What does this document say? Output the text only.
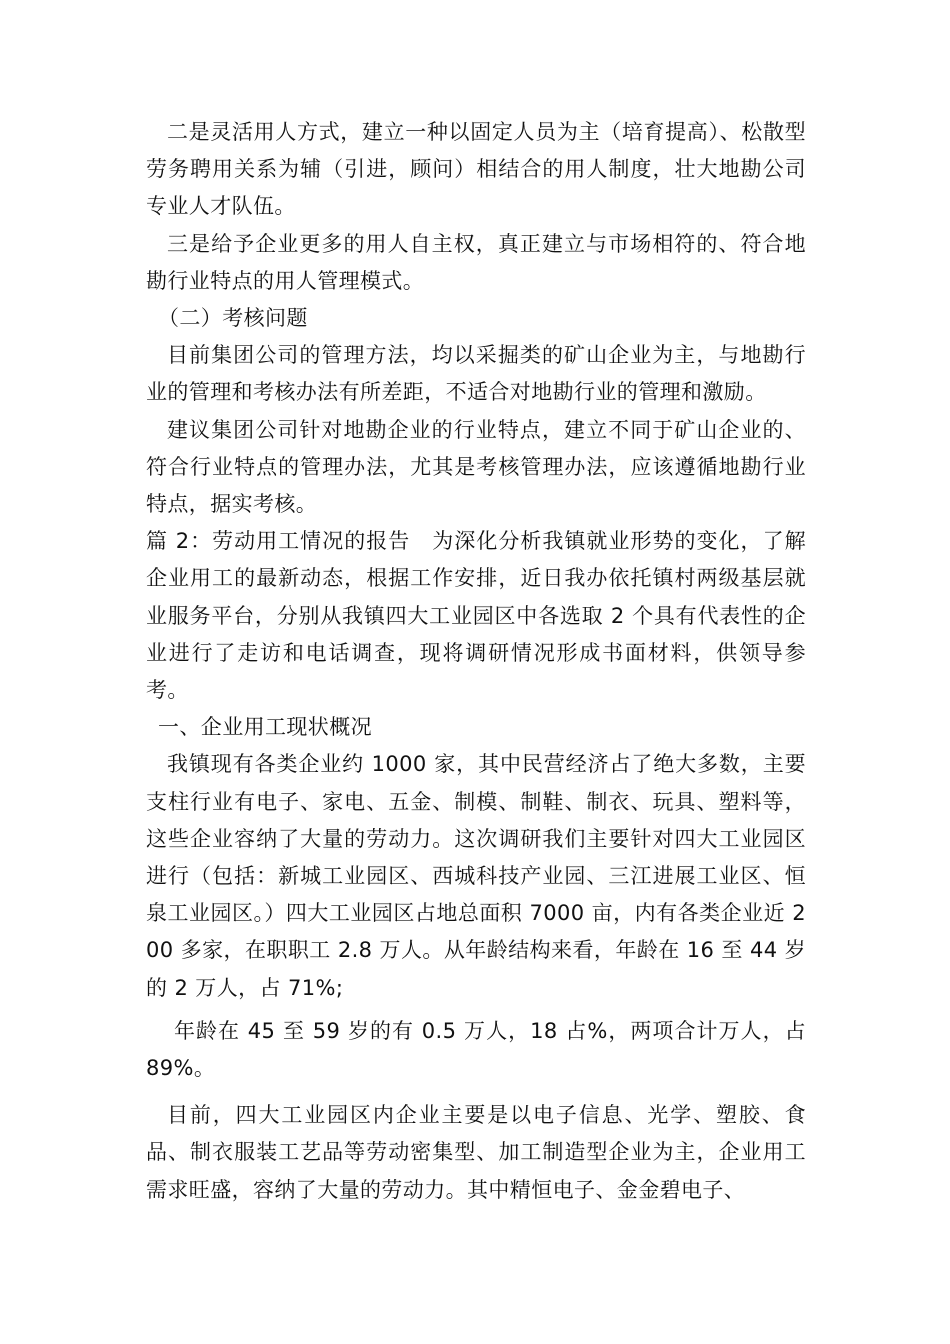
二是灵活用人方式，建立一种以固定人员为主（培育提高）、松散型劳务聘用关系为辅（引进，顾问）相结合的用人制度，壮大地勘公司专业人才队伍。

三是给予企业更多的用人自主权，真正建立与市场相符的、符合地勘行业特点的用人管理模式。

（二）考核问题

目前集团公司的管理方法，均以采掘类的矿山企业为主，与地勘行业的管理和考核办法有所差距，不适合对地勘行业的管理和激励。

建议集团公司针对地勘企业的行业特点，建立不同于矿山企业的、符合行业特点的管理办法，尤其是考核管理办法，应该遵循地勘行业特点，据实考核。

篇 2：劳动用工情况的报告　为深化分析我镇就业形势的变化，了解企业用工的最新动态，根据工作安排，近日我办依托镇村两级基层就业服务平台，分别从我镇四大工业园区中各选取 2 个具有代表性的企业进行了走访和电话调查，现将调研情况形成书面材料，供领导参考。

一、企业用工现状概况

我镇现有各类企业约 1000 家，其中民营经济占了绝大多数，主要支柱行业有电子、家电、五金、制模、制鞋、制衣、玩具、塑料等，这些企业容纳了大量的劳动力。这次调研我们主要针对四大工业园区进行（包括：新城工业园区、西城科技产业园、三江进展工业区、恒泉工业园区。）四大工业园区占地总面积 7000 亩，内有各类企业近 200 多家，在职职工 2.8 万人。从年龄结构来看，年龄在 16 至 44 岁的 2 万人，占 71%;

年龄在 45 至 59 岁的有 0.5 万人，18 占%，两项合计万人，占 89%。

目前，四大工业园区内企业主要是以电子信息、光学、塑胶、食品、制衣服装工艺品等劳动密集型、加工制造型企业为主，企业用工需求旺盛，容纳了大量的劳动力。其中精恒电子、金金碧电子、
